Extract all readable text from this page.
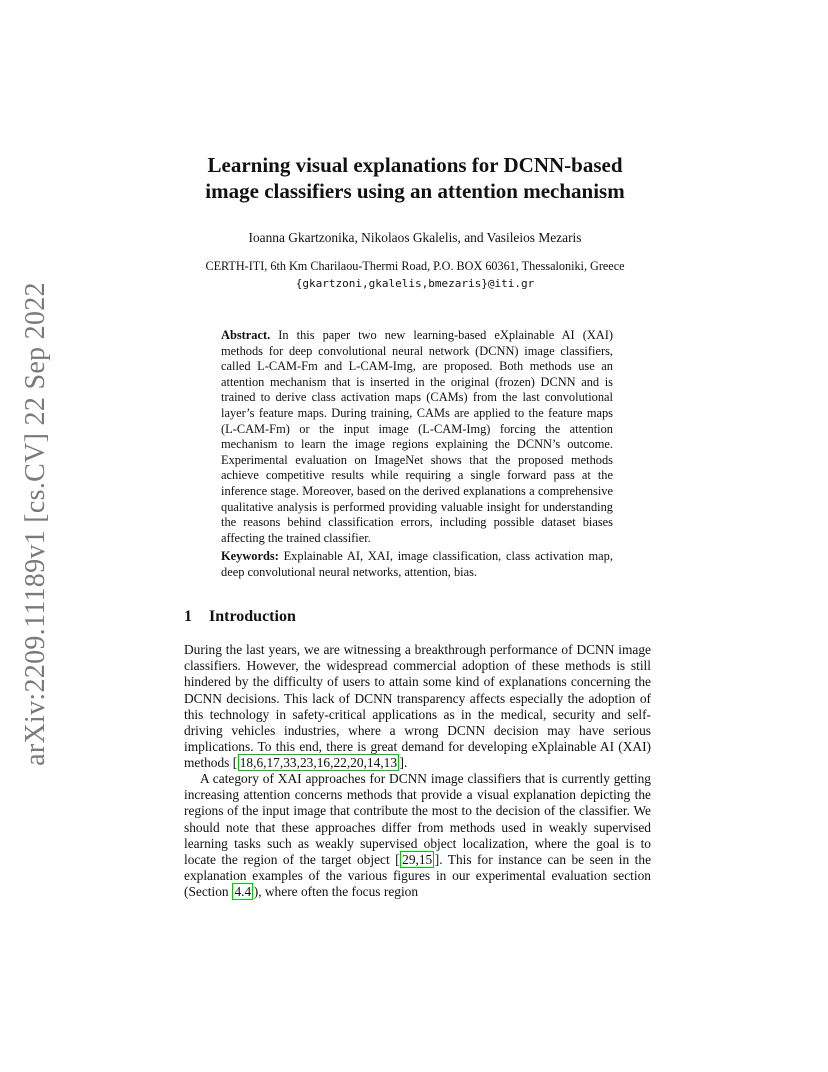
arXiv:2209.11189v1 [cs.CV] 22 Sep 2022
Learning visual explanations for DCNN-based
image classifiers using an attention mechanism
Ioanna Gkartzonika, Nikolaos Gkalelis, and Vasileios Mezaris
CERTH-ITI, 6th Km Charilaou-Thermi Road, P.O. BOX 60361, Thessaloniki, Greece
{gkartzoni,gkalelis,bmezaris}@iti.gr
Abstract. In this paper two new learning-based eXplainable AI (XAI) methods for deep convolutional neural network (DCNN) image classifiers, called L-CAM-Fm and L-CAM-Img, are proposed. Both methods use an attention mechanism that is inserted in the original (frozen) DCNN and is trained to derive class activation maps (CAMs) from the last convolutional layer’s feature maps. During training, CAMs are applied to the feature maps (L-CAM-Fm) or the input image (L-CAM-Img) forcing the attention mechanism to learn the image regions explaining the DCNN’s outcome. Experimental evaluation on ImageNet shows that the proposed methods achieve competitive results while requiring a single forward pass at the inference stage. Moreover, based on the derived explanations a comprehensive qualitative analysis is performed providing valuable insight for understanding the reasons behind classification errors, including possible dataset biases affecting the trained classifier.
Keywords: Explainable AI, XAI, image classification, class activation map, deep convolutional neural networks, attention, bias.
1 Introduction
During the last years, we are witnessing a breakthrough performance of DCNN image classifiers. However, the widespread commercial adoption of these methods is still hindered by the difficulty of users to attain some kind of explanations concerning the DCNN decisions. This lack of DCNN transparency affects especially the adoption of this technology in safety-critical applications as in the medical, security and self-driving vehicles industries, where a wrong DCNN decision may have serious implications. To this end, there is great demand for developing eXplainable AI (XAI) methods [ 18,6,17,33,23,16,22,20,14,13 ].
A category of XAI approaches for DCNN image classifiers that is currently getting increasing attention concerns methods that provide a visual explanation depicting the regions of the input image that contribute the most to the decision of the classifier. We should note that these approaches differ from methods used in weakly supervised learning tasks such as weakly supervised object localization, where the goal is to locate the region of the target object [ 29,15 ]. This for instance can be seen in the explanation examples of the various figures in our experimental evaluation section (Section 4.4 ), where often the focus region
